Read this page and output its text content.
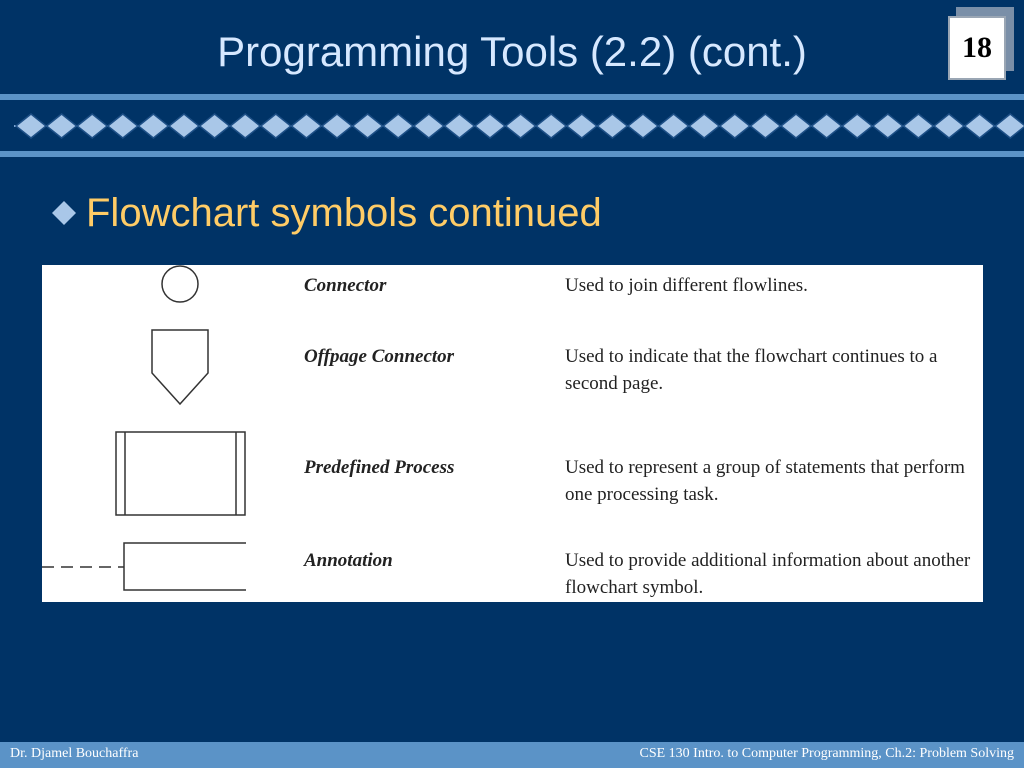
Programming Tools (2.2) (cont.)	18
Flowchart symbols continued
Connector	Used to join different flowlines.
Offpage Connector	Used to indicate that the flowchart continues to a second page.
Predefined Process	Used to represent a group of statements that perform one processing task.
Annotation	Used to provide additional information about another flowchart symbol.
Dr. Djamel Bouchaffra	CSE 130 Intro. to Computer Programming, Ch.2: Problem Solving
